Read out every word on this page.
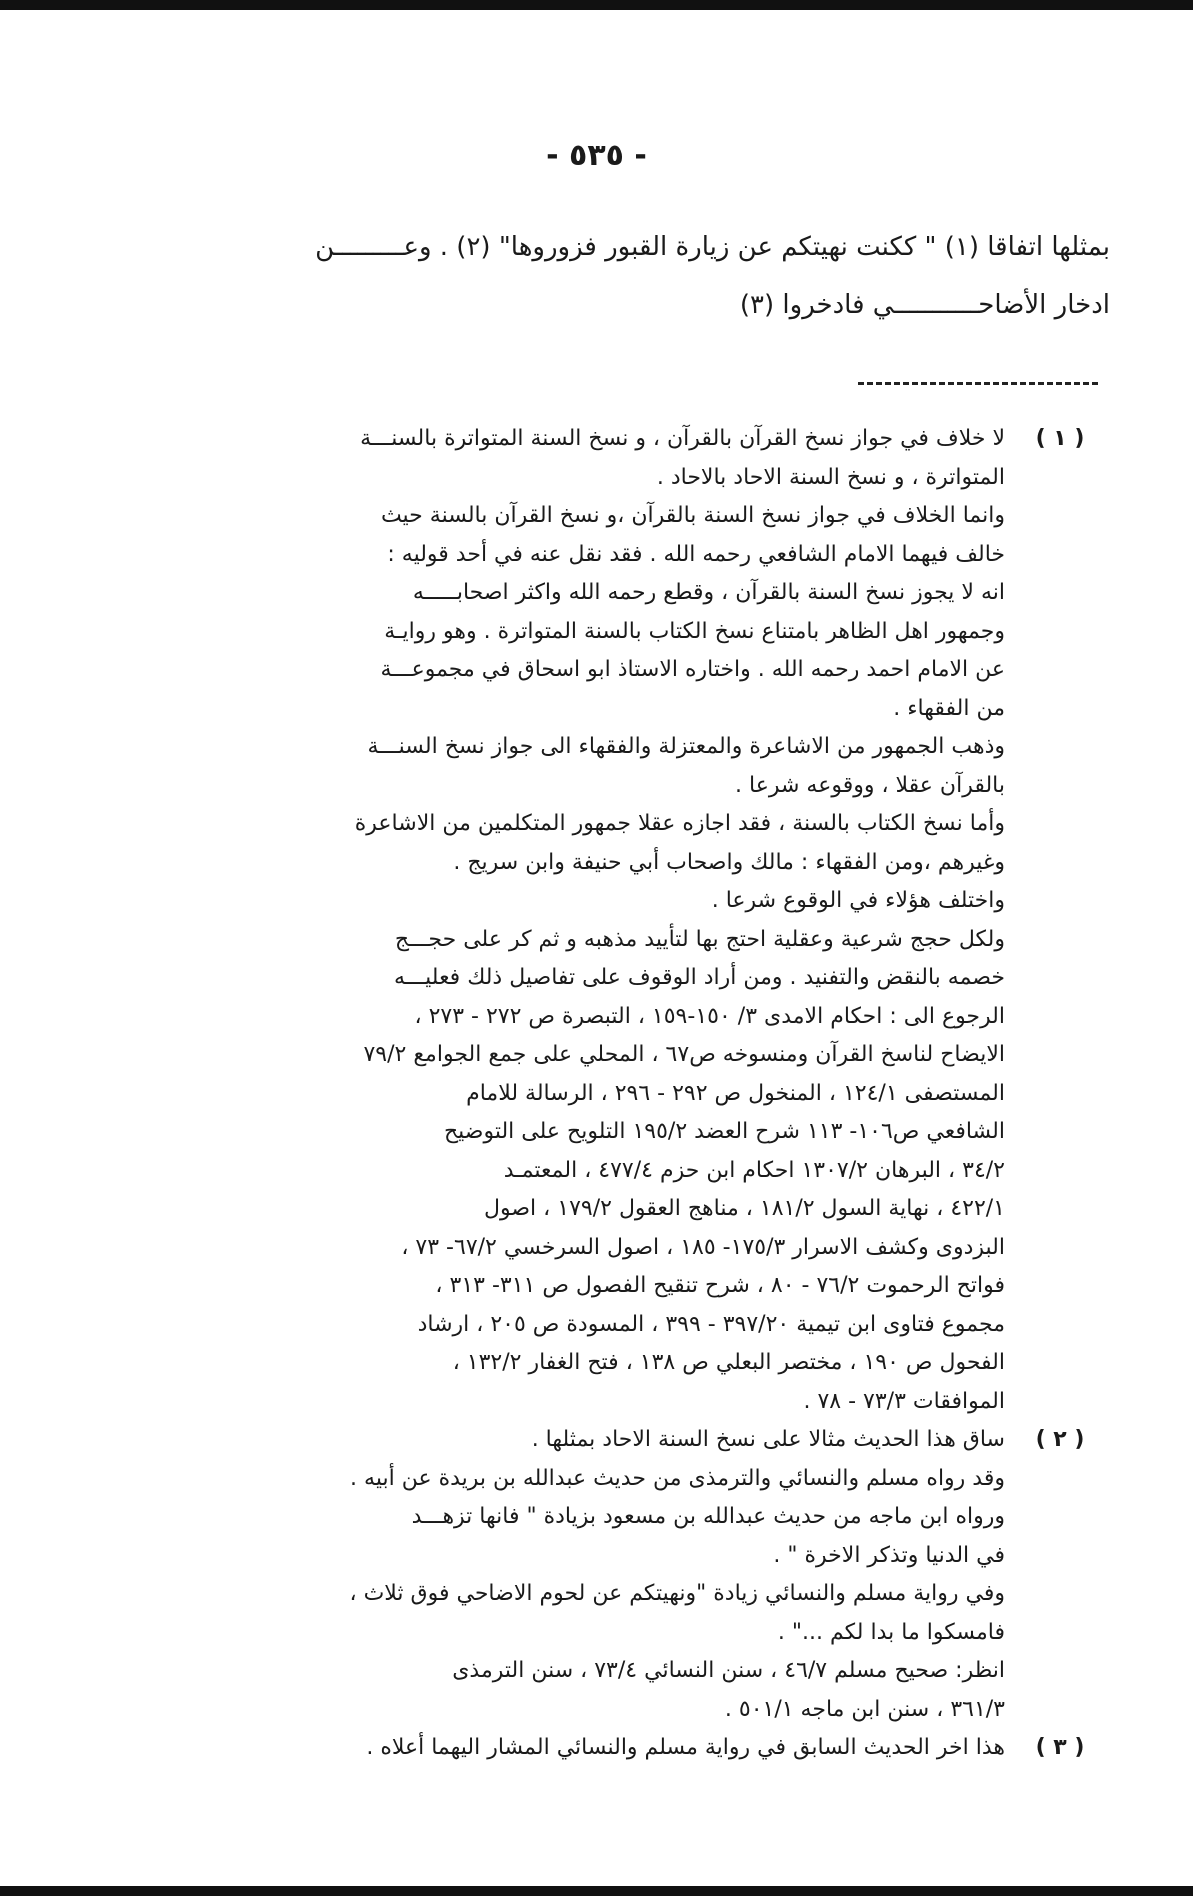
- ٥٣٥ -
بمثلها اتفاقا (١) " ككنت نهيتكم عن زيارة القبور فزوروها" (٢) . وعـــــــــن
ادخار الأضاحـــــــــــي فادخروا (٣)
( ١ )
لا خلاف في جواز نسخ القرآن بالقرآن ، و نسخ السنة المتواترة بالسنـــة
المتواترة ، و نسخ السنة الاحاد بالاحاد .
وانما الخلاف في جواز نسخ السنة بالقرآن ،و نسخ القرآن بالسنة حيث
خالف فيهما الامام الشافعي رحمه الله . فقد نقل عنه في أحد قوليه :
انه لا يجوز نسخ السنة بالقرآن ، وقطع رحمه الله واكثر اصحابـــــه
وجمهور اهل الظاهر بامتناع نسخ الكتاب بالسنة المتواترة . وهو روايـة
عن الامام احمد رحمه الله . واختاره الاستاذ ابو اسحاق في مجموعـــة
من الفقهاء .
وذهب الجمهور من الاشاعرة والمعتزلة والفقهاء الى جواز نسخ السنـــة
بالقرآن عقلا ، ووقوعه شرعا .
وأما نسخ الكتاب بالسنة ، فقد اجازه عقلا جمهور المتكلمين من الاشاعرة
وغيرهم ،ومن الفقهاء : مالك واصحاب أبي حنيفة وابن سريج .
واختلف هؤلاء في الوقوع شرعا .
ولكل حجج شرعية وعقلية احتج بها لتأييد مذهبه و ثم كر على حجـــج
خصمه بالنقض والتفنيد . ومن أراد الوقوف على تفاصيل ذلك فعليـــه
الرجوع الى : احكام الامدى ٣/ ١٥٠-١٥٩ ، التبصرة ص ٢٧٢ - ٢٧٣ ،
الايضاح لناسخ القرآن ومنسوخه ص٦٧ ، المحلي على جمع الجوامع ٧٩/٢
المستصفى ١٢٤/١ ، المنخول ص ٢٩٢ - ٢٩٦ ، الرسالة للامام
الشافعي ص١٠٦- ١١٣ شرح العضد ١٩٥/٢ التلويح على التوضيح
٣٤/٢ ، البرهان ١٣٠٧/٢ احكام ابن حزم ٤٧٧/٤ ، المعتمـد
٤٢٢/١ ، نهاية السول ١٨١/٢ ، مناهج العقول ١٧٩/٢ ، اصول
البزدوى وكشف الاسرار ١٧٥/٣- ١٨٥ ، اصول السرخسي ٦٧/٢- ٧٣ ،
فواتح الرحموت ٧٦/٢ - ٨٠ ، شرح تنقيح الفصول ص ٣١١- ٣١٣ ،
مجموع فتاوى ابن تيمية ٣٩٧/٢٠ - ٣٩٩ ، المسودة ص ٢٠٥ ، ارشاد
الفحول ص ١٩٠ ، مختصر البعلي ص ١٣٨ ، فتح الغفار ١٣٢/٢ ،
الموافقات ٧٣/٣ - ٧٨ .
( ٢ )
ساق هذا الحديث مثالا على نسخ السنة الاحاد بمثلها .
وقد رواه مسلم والنسائي والترمذى من حديث عبدالله بن بريدة عن أبيه .
ورواه ابن ماجه من حديث عبدالله بن مسعود بزيادة " فانها تزهـــد
في الدنيا وتذكر الاخرة " .
وفي رواية مسلم والنسائي زيادة "ونهيتكم عن لحوم الاضاحي فوق ثلاث ،
فامسكوا ما بدا لكم ..." .
انظر: صحيح مسلم ٤٦/٧ ، سنن النسائي ٧٣/٤ ، سنن الترمذى
٣٦١/٣ ، سنن ابن ماجه ٥٠١/١ .
( ٣ )
هذا اخر الحديث السابق في رواية مسلم والنسائي المشار اليهما أعلاه .
